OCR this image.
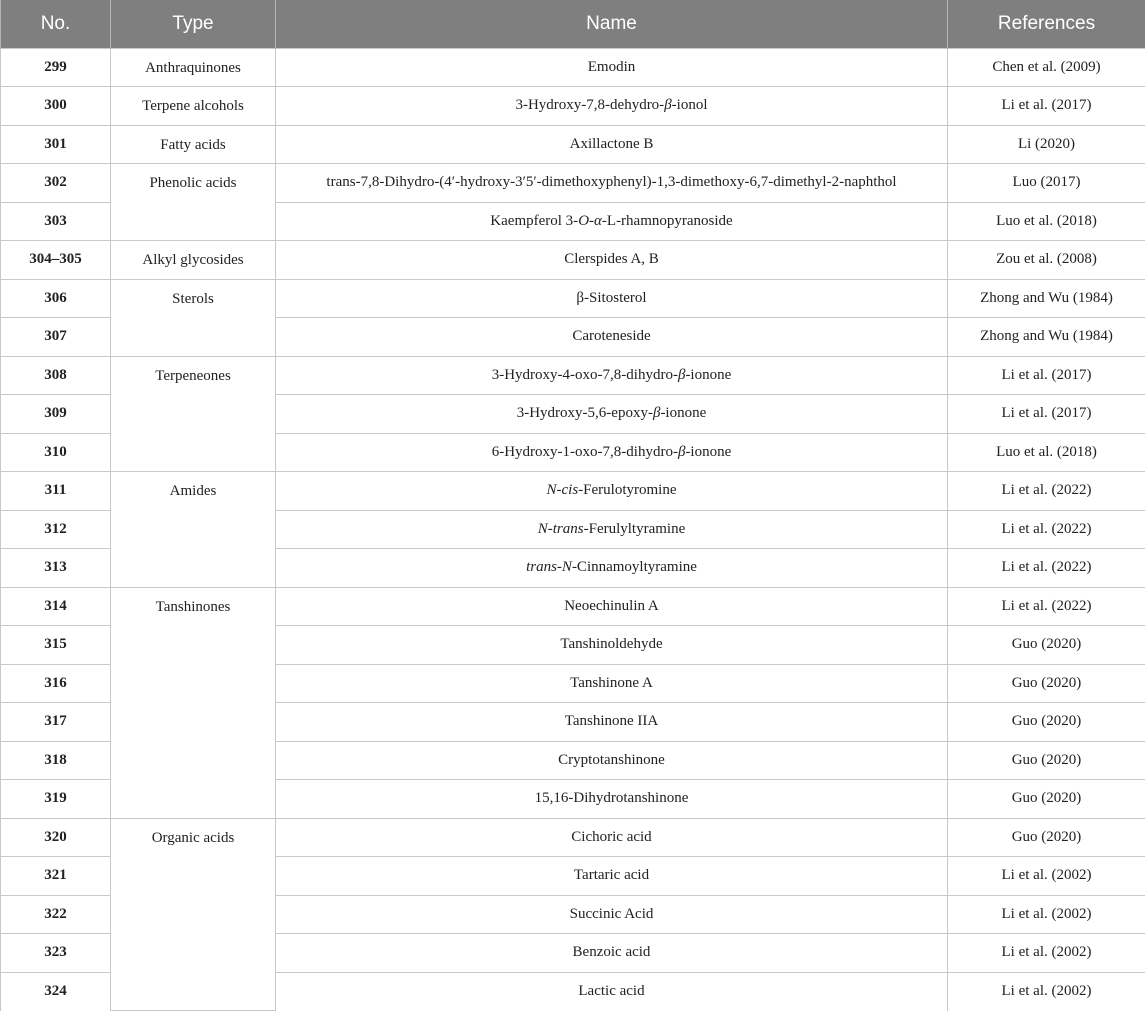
No.	Type	Name	References
299	Anthraquinones	Emodin	Chen et al. (2009)
300	Terpene alcohols	3-Hydroxy-7,8-dehydro-β-ionol	Li et al. (2017)
301	Fatty acids	Axillactone B	Li (2020)
302	Phenolic acids	trans-7,8-Dihydro-(4′-hydroxy-3′5′-dimethoxyphenyl)-1,3-dimethoxy-6,7-dimethyl-2-naphthol	Luo (2017)
303		Kaempferol 3-O-α-L-rhamnopyranoside	Luo et al. (2018)
304–305	Alkyl glycosides	Clerspides A, B	Zou et al. (2008)
306	Sterols	β-Sitosterol	Zhong and Wu (1984)
307		Caroteneside	Zhong and Wu (1984)
308	Terpeneones	3-Hydroxy-4-oxo-7,8-dihydro-β-ionone	Li et al. (2017)
309		3-Hydroxy-5,6-epoxy-β-ionone	Li et al. (2017)
310		6-Hydroxy-1-oxo-7,8-dihydro-β-ionone	Luo et al. (2018)
311	Amides	N-cis-Ferulotyromine	Li et al. (2022)
312		N-trans-Ferulyltyramine	Li et al. (2022)
313		trans-N-Cinnamoyltyramine	Li et al. (2022)
314	Tanshinones	Neoechinulin A	Li et al. (2022)
315		Tanshinoldehyde	Guo (2020)
316		Tanshinone A	Guo (2020)
317		Tanshinone IIA	Guo (2020)
318		Cryptotanshinone	Guo (2020)
319		15,16-Dihydrotanshinone	Guo (2020)
320	Organic acids	Cichoric acid	Guo (2020)
321		Tartaric acid	Li et al. (2002)
322		Succinic Acid	Li et al. (2002)
323		Benzoic acid	Li et al. (2002)
324		Lactic acid	Li et al. (2002)
